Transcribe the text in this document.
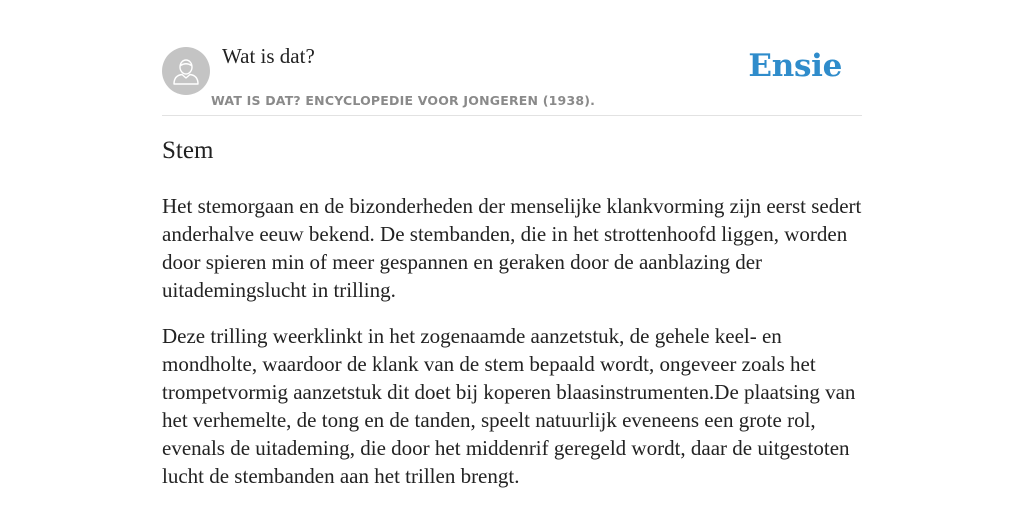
Wat is dat?
WAT IS DAT? ENCYCLOPEDIE VOOR JONGEREN (1938).
Ensie
Stem

Het stemorgaan en de bizonderheden der menselijke klankvorming zijn eerst sedert anderhalve eeuw bekend. De stembanden, die in het strottenhoofd liggen, worden door spieren min of meer gespannen en geraken door de aanblazing der uitademingslucht in trilling.

Deze trilling weerklinkt in het zogenaamde aanzetstuk, de gehele keel- en mondholte, waardoor de klank van de stem bepaald wordt, ongeveer zoals het trompetvormig aanzetstuk dit doet bij koperen blaasinstrumenten.De plaatsing van het verhemelte, de tong en de tanden, speelt natuurlijk eveneens een grote rol, evenals de uitademing, die door het middenrif geregeld wordt, daar de uitgestoten lucht de stembanden aan het trillen brengt.
